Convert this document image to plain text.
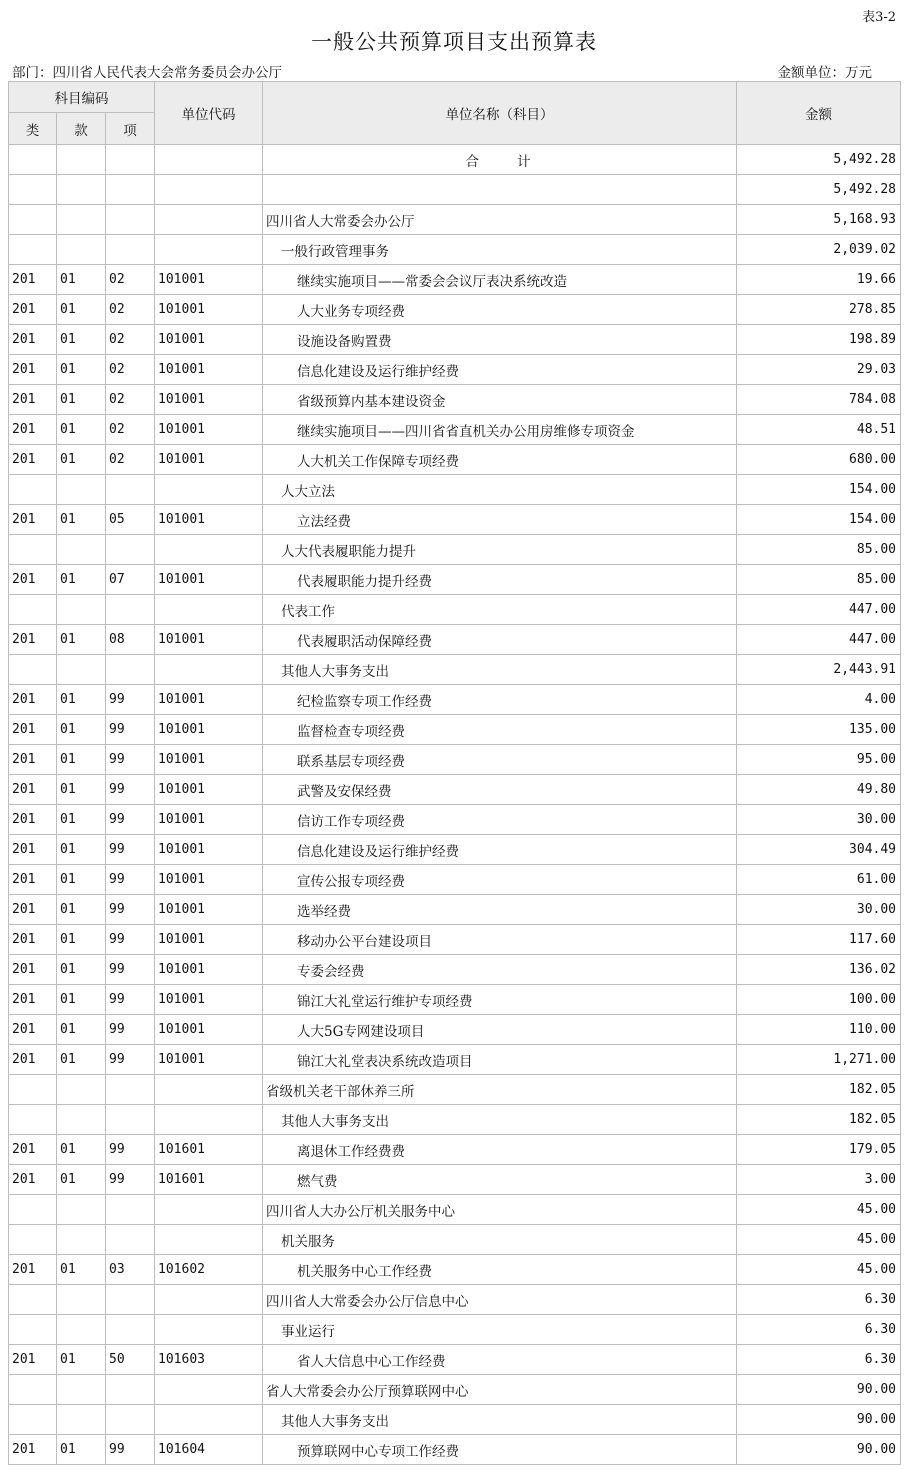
表3-2
一般公共预算项目支出预算表
部门：四川省人民代表大会常务委员会办公厅	金额单位：万元
科目编码			单位代码	单位名称（科目）	金额
类	款	项			
				合计	5,492.28
					5,492.28
				四川省人大常委会办公厅	5,168.93
				一般行政管理事务	2,039.02
201	01	02	101001	继续实施项目——常委会会议厅表决系统改造	19.66
201	01	02	101001	人大业务专项经费	278.85
201	01	02	101001	设施设备购置费	198.89
201	01	02	101001	信息化建设及运行维护经费	29.03
201	01	02	101001	省级预算内基本建设资金	784.08
201	01	02	101001	继续实施项目——四川省省直机关办公用房维修专项资金	48.51
201	01	02	101001	人大机关工作保障专项经费	680.00
				人大立法	154.00
201	01	05	101001	立法经费	154.00
				人大代表履职能力提升	85.00
201	01	07	101001	代表履职能力提升经费	85.00
				代表工作	447.00
201	01	08	101001	代表履职活动保障经费	447.00
				其他人大事务支出	2,443.91
201	01	99	101001	纪检监察专项工作经费	4.00
201	01	99	101001	监督检查专项经费	135.00
201	01	99	101001	联系基层专项经费	95.00
201	01	99	101001	武警及安保经费	49.80
201	01	99	101001	信访工作专项经费	30.00
201	01	99	101001	信息化建设及运行维护经费	304.49
201	01	99	101001	宣传公报专项经费	61.00
201	01	99	101001	选举经费	30.00
201	01	99	101001	移动办公平台建设项目	117.60
201	01	99	101001	专委会经费	136.02
201	01	99	101001	锦江大礼堂运行维护专项经费	100.00
201	01	99	101001	人大5G专网建设项目	110.00
201	01	99	101001	锦江大礼堂表决系统改造项目	1,271.00
				省级机关老干部休养三所	182.05
				其他人大事务支出	182.05
201	01	99	101601	离退休工作经费费	179.05
201	01	99	101601	燃气费	3.00
				四川省人大办公厅机关服务中心	45.00
				机关服务	45.00
201	01	03	101602	机关服务中心工作经费	45.00
				四川省人大常委会办公厅信息中心	6.30
				事业运行	6.30
201	01	50	101603	省人大信息中心工作经费	6.30
				省人大常委会办公厅预算联网中心	90.00
				其他人大事务支出	90.00
201	01	99	101604	预算联网中心专项工作经费	90.00
